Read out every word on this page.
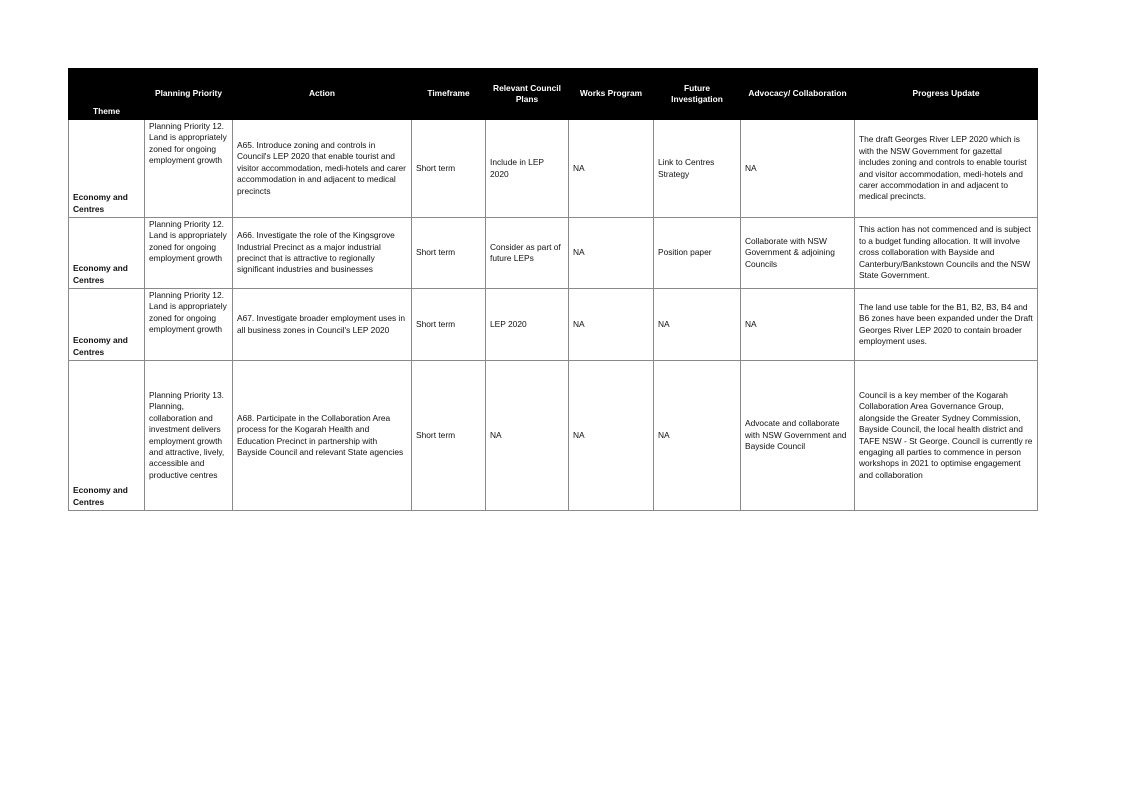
Theme	Planning Priority	Action	Timeframe	Relevant Council Plans	Works Program	Future Investigation	Advocacy/ Collaboration	Progress Update
Economy and Centres	Planning Priority 12. Land is appropriately zoned for ongoing employment growth	A65. Introduce zoning and controls in Council's LEP 2020 that enable tourist and visitor accommodation, medi-hotels and carer accommodation in and adjacent to medical precincts	Short term	Include in LEP 2020	NA	Link to Centres Strategy	NA	The draft Georges River LEP 2020 which is with the NSW Government for gazettal includes zoning and controls to enable tourist and visitor accommodation, medi-hotels and carer accommodation in and adjacent to medical precincts.
Economy and Centres	Planning Priority 12. Land is appropriately zoned for ongoing employment growth	A66. Investigate the role of the Kingsgrove Industrial Precinct as a major industrial precinct that is attractive to regionally significant industries and businesses	Short term	Consider as part of future LEPs	NA	Position paper	Collaborate with NSW Government & adjoining Councils	This action has not commenced and is subject to a budget funding allocation. It will involve cross collaboration with Bayside and Canterbury/Bankstown Councils and the NSW State Government.
Economy and Centres	Planning Priority 12. Land is appropriately zoned for ongoing employment growth	A67. Investigate broader employment uses in all business zones in Council's LEP 2020	Short term	LEP 2020	NA	NA	NA	The land use table for the B1, B2, B3, B4 and B6 zones have been expanded under the Draft Georges River LEP 2020 to contain broader employment uses.
Economy and Centres	Planning Priority 13. Planning, collaboration and investment delivers employment growth and attractive, lively, accessible and productive centres	A68. Participate in the Collaboration Area process for the Kogarah Health and Education Precinct in partnership with Bayside Council and relevant State agencies	Short term	NA	NA	NA	Advocate and collaborate with NSW Government and Bayside Council	Council is a key member of the Kogarah Collaboration Area Governance Group, alongside the Greater Sydney Commission, Bayside Council, the local health district and TAFE NSW - St George. Council is currently re engaging all parties to commence in person workshops in 2021 to optimise engagement and collaboration
